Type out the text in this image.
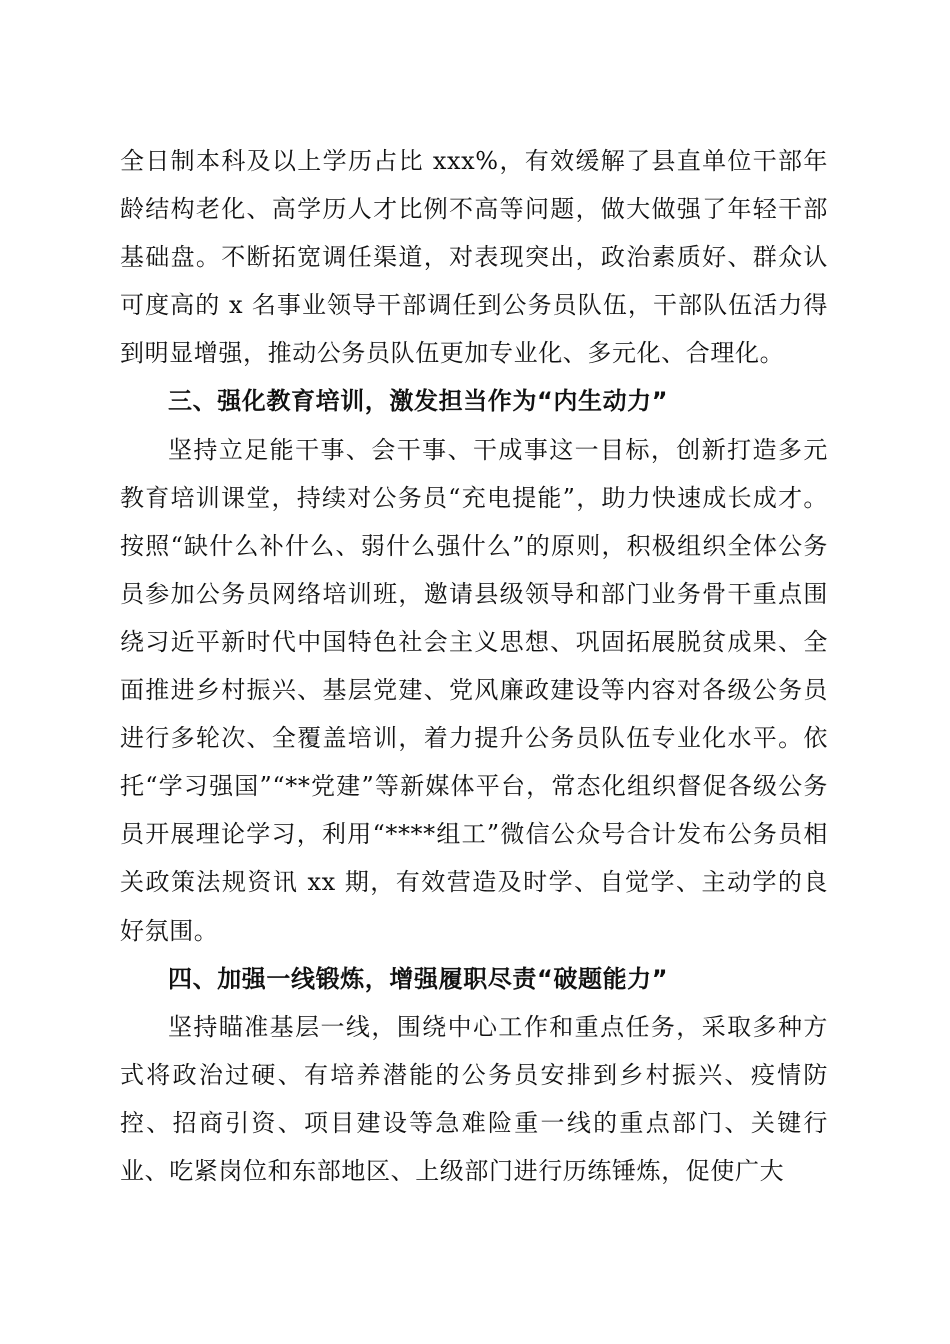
全日制本科及以上学历占比 xxx%，有效缓解了县直单位干部年龄结构老化、高学历人才比例不高等问题，做大做强了年轻干部基础盘。不断拓宽调任渠道，对表现突出，政治素质好、群众认可度高的 x 名事业领导干部调任到公务员队伍，干部队伍活力得到明显增强，推动公务员队伍更加专业化、多元化、合理化。

三、强化教育培训，激发担当作为“内生动力”

坚持立足能干事、会干事、干成事这一目标，创新打造多元教育培训课堂，持续对公务员“充电提能”，助力快速成长成才。按照“缺什么补什么、弱什么强什么”的原则，积极组织全体公务员参加公务员网络培训班，邀请县级领导和部门业务骨干重点围绕习近平新时代中国特色社会主义思想、巩固拓展脱贫成果、全面推进乡村振兴、基层党建、党风廉政建设等内容对各级公务员进行多轮次、全覆盖培训，着力提升公务员队伍专业化水平。依托“学习强国”“**党建”等新媒体平台，常态化组织督促各级公务员开展理论学习，利用“****组工”微信公众号合计发布公务员相关政策法规资讯 xx 期，有效营造及时学、自觉学、主动学的良好氛围。

四、加强一线锻炼，增强履职尽责“破题能力”

坚持瞄准基层一线，围绕中心工作和重点任务，采取多种方式将政治过硬、有培养潜能的公务员安排到乡村振兴、疫情防控、招商引资、项目建设等急难险重一线的重点部门、关键行业、吃紧岗位和东部地区、上级部门进行历练锤炼，促使广大
